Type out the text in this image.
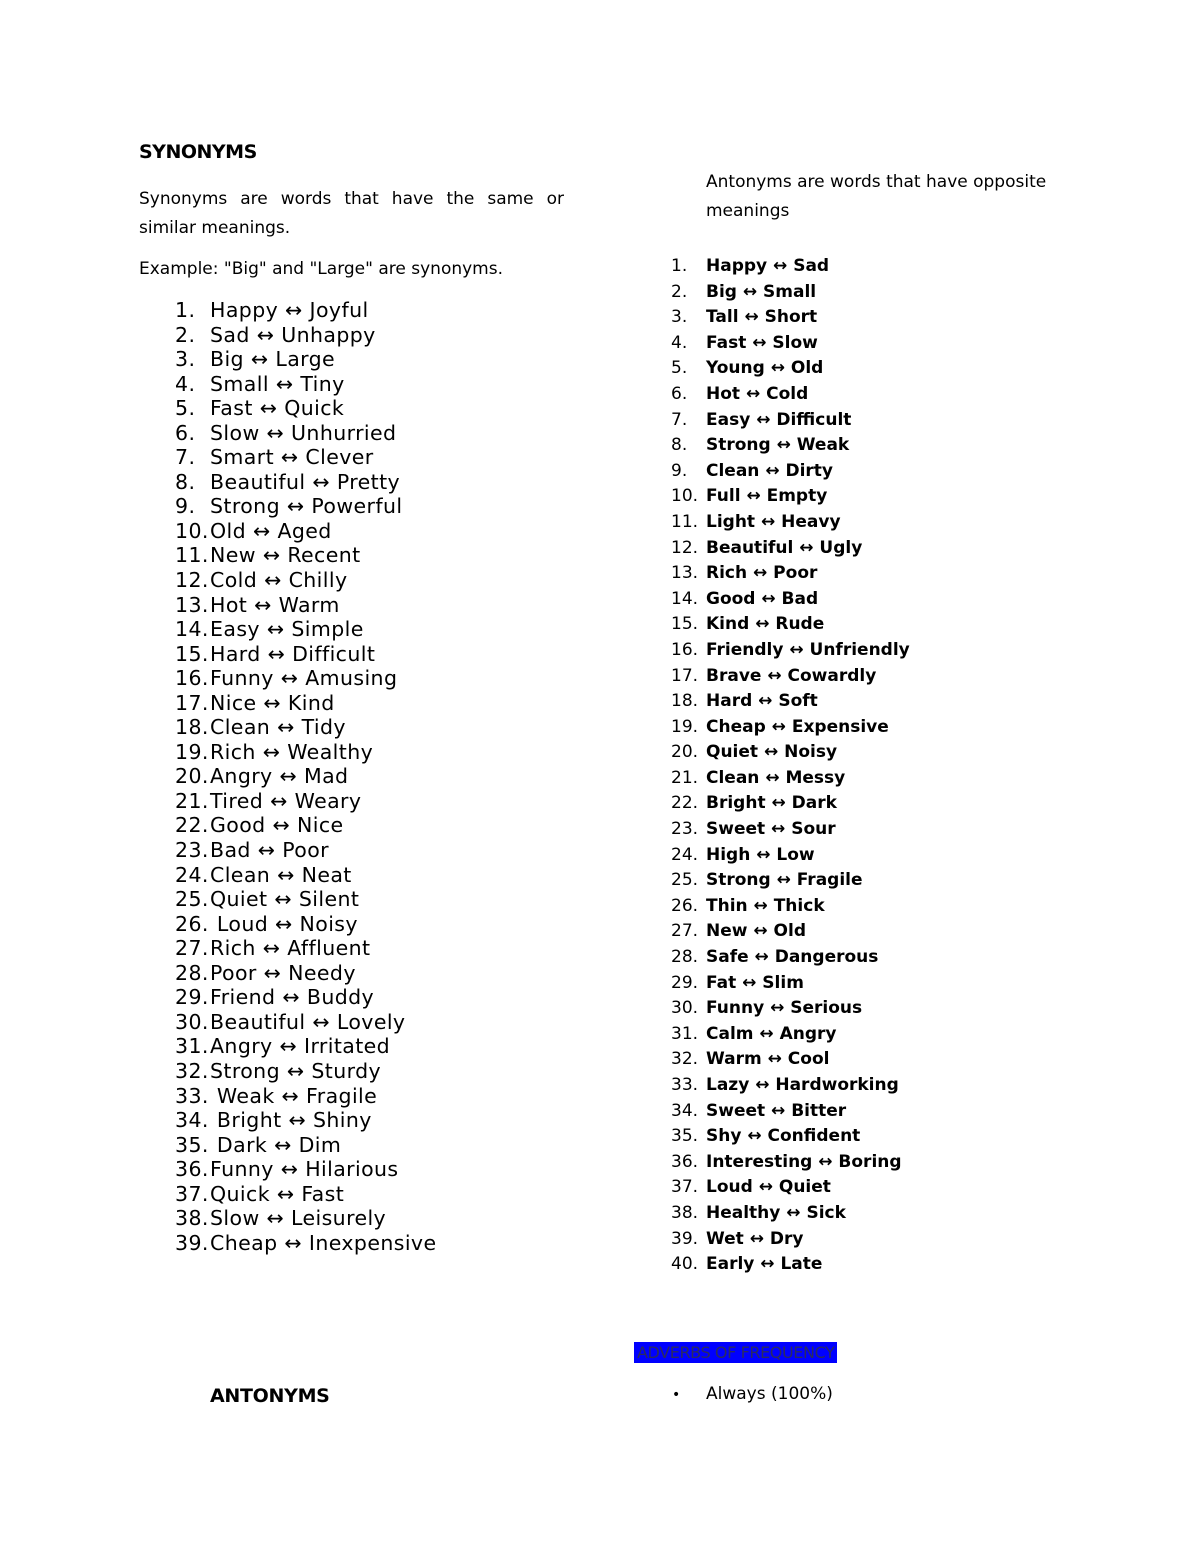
SYNONYMS
Synonyms are words that have the same or similar meanings.
Example: "Big" and "Large" are synonyms.
1. Happy ↔ Joyful
2. Sad ↔ Unhappy
3. Big ↔ Large
4. Small ↔ Tiny
5. Fast ↔ Quick
6. Slow ↔ Unhurried
7. Smart ↔ Clever
8. Beautiful ↔ Pretty
9. Strong ↔ Powerful
10.Old ↔ Aged
11.New ↔ Recent
12.Cold ↔ Chilly
13.Hot ↔ Warm
14.Easy ↔ Simple
15.Hard ↔ Difficult
16.Funny ↔ Amusing
17.Nice ↔ Kind
18.Clean ↔ Tidy
19.Rich ↔ Wealthy
20.Angry ↔ Mad
21.Tired ↔ Weary
22.Good ↔ Nice
23.Bad ↔ Poor
24.Clean ↔ Neat
25.Quiet ↔ Silent
26. Loud ↔ Noisy
27.Rich ↔ Affluent
28.Poor ↔ Needy
29.Friend ↔ Buddy
30.Beautiful ↔ Lovely
31.Angry ↔ Irritated
32.Strong ↔ Sturdy
33. Weak ↔ Fragile
34. Bright ↔ Shiny
35. Dark ↔ Dim
36.Funny ↔ Hilarious
37.Quick ↔ Fast
38.Slow ↔ Leisurely
39.Cheap ↔ Inexpensive
ANTONYMS
Antonyms are words that have opposite meanings
1. Happy ↔ Sad
2. Big ↔ Small
3. Tall ↔ Short
4. Fast ↔ Slow
5. Young ↔ Old
6. Hot ↔ Cold
7. Easy ↔ Difficult
8. Strong ↔ Weak
9. Clean ↔ Dirty
10. Full ↔ Empty
11. Light ↔ Heavy
12. Beautiful ↔ Ugly
13. Rich ↔ Poor
14. Good ↔ Bad
15. Kind ↔ Rude
16. Friendly ↔ Unfriendly
17. Brave ↔ Cowardly
18. Hard ↔ Soft
19. Cheap ↔ Expensive
20. Quiet ↔ Noisy
21. Clean ↔ Messy
22. Bright ↔ Dark
23. Sweet ↔ Sour
24. High ↔ Low
25. Strong ↔ Fragile
26. Thin ↔ Thick
27. New ↔ Old
28. Safe ↔ Dangerous
29. Fat ↔ Slim
30. Funny ↔ Serious
31. Calm ↔ Angry
32. Warm ↔ Cool
33. Lazy ↔ Hardworking
34. Sweet ↔ Bitter
35. Shy ↔ Confident
36. Interesting ↔ Boring
37. Loud ↔ Quiet
38. Healthy ↔ Sick
39. Wet ↔ Dry
40. Early ↔ Late
ADVERBS OF FREQUENCY
• Always (100%)
